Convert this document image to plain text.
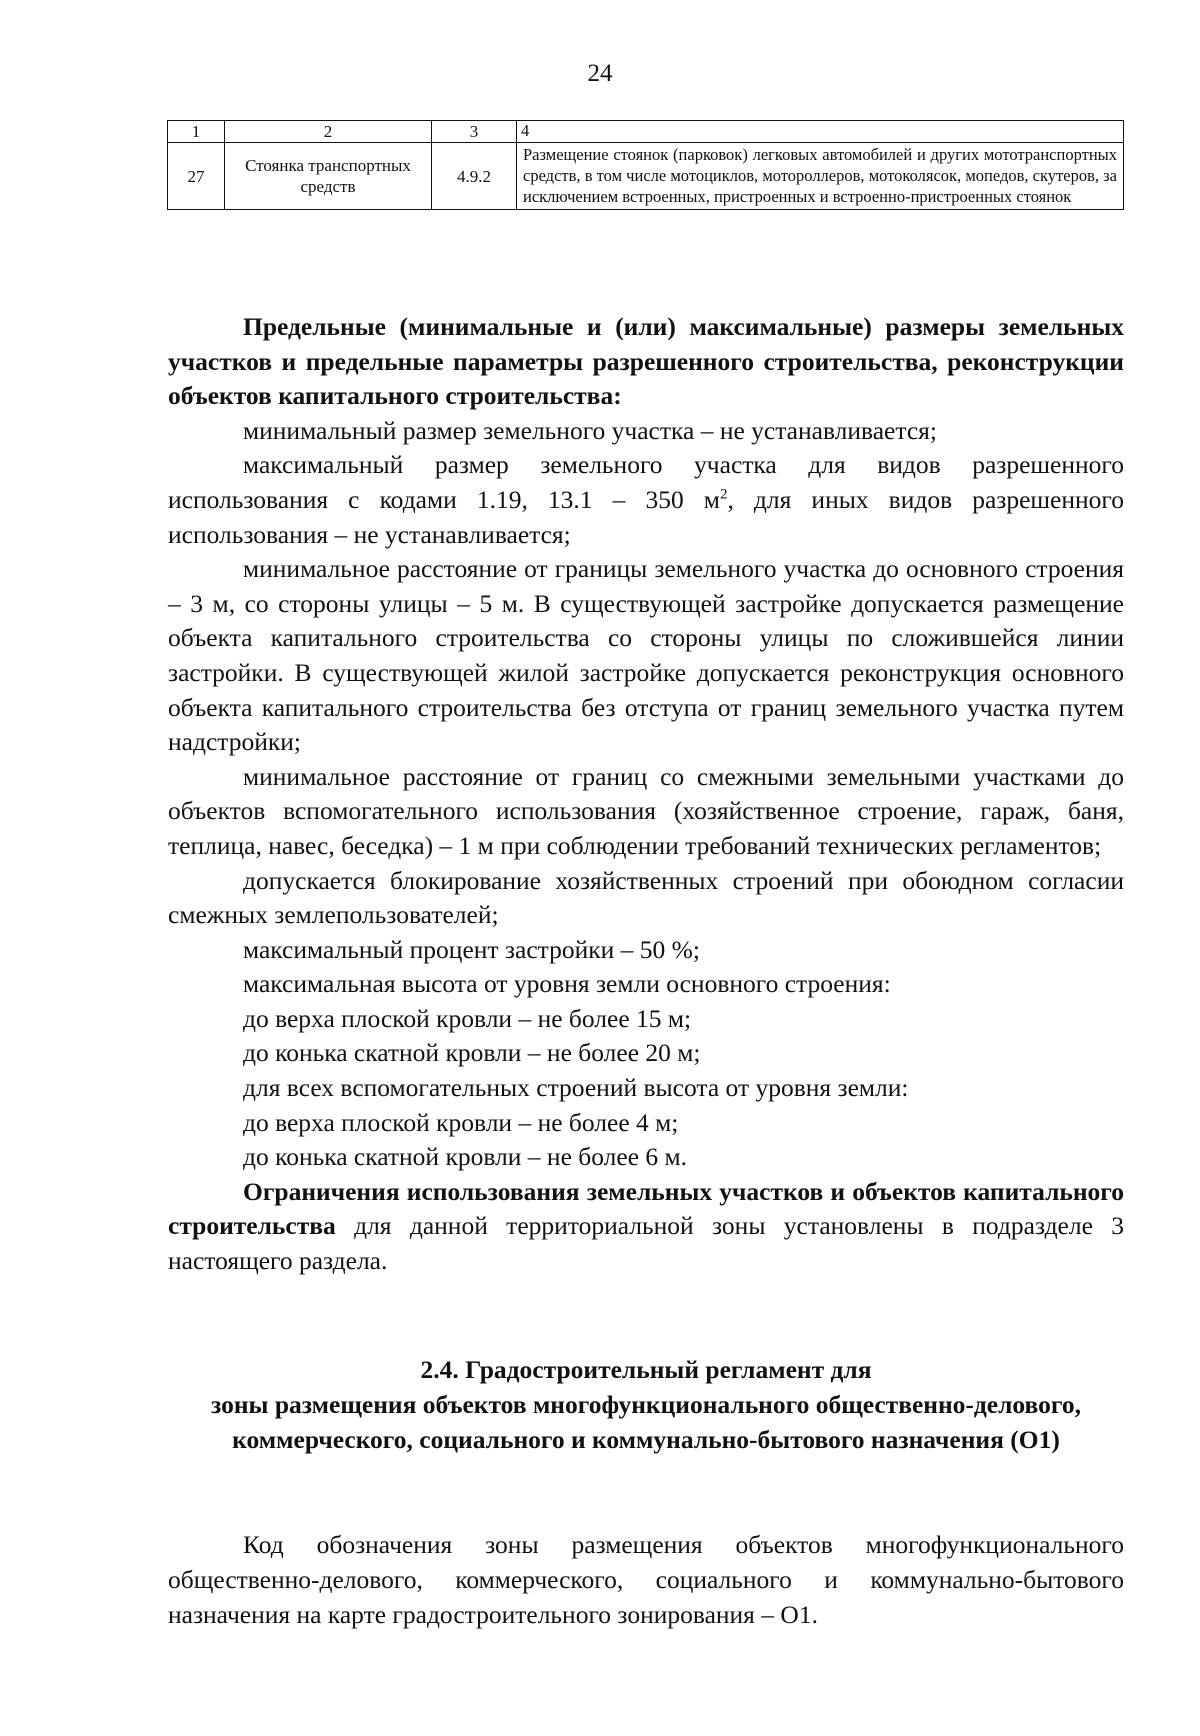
24
1	2	3	4
27	Стоянка транспортных средств	4.9.2	Размещение стоянок (парковок) легковых автомобилей и других мототранспортных средств, в том числе мотоциклов, мотороллеров, мотоколясок, мопедов, скутеров, за исключением встроенных, пристроенных и встроенно-пристроенных стоянок

Предельные (минимальные и (или) максимальные) размеры земельных участков и предельные параметры разрешенного строительства, реконструкции объектов капитального строительства:

минимальный размер земельного участка – не устанавливается;

максимальный размер земельного участка для видов разрешенного использования с кодами 1.19, 13.1 – 350 $м^2$, для иных видов разрешенного использования – не устанавливается;

минимальное расстояние от границы земельного участка до основного строения – 3 м, со стороны улицы – 5 м. В существующей застройке допускается размещение объекта капитального строительства со стороны улицы по сложившейся линии застройки. В существующей жилой застройке допускается реконструкция основного объекта капитального строительства без отступа от границ земельного участка путем надстройки;

минимальное расстояние от границ со смежными земельными участками до объектов вспомогательного использования (хозяйственное строение, гараж, баня, теплица, навес, беседка) – 1 м при соблюдении требований технических регламентов;

допускается блокирование хозяйственных строений при обоюдном согласии смежных землепользователей;

максимальный процент застройки – 50 %;

максимальная высота от уровня земли основного строения:

до верха плоской кровли – не более 15 м;

до конька скатной кровли – не более 20 м;

для всех вспомогательных строений высота от уровня земли:

до верха плоской кровли – не более 4 м;

до конька скатной кровли – не более 6 м.

Ограничения использования земельных участков и объектов капитального строительства для данной территориальной зоны установлены в подразделе 3 настоящего раздела.

2.4. Градостроительный регламент для

зоны размещения объектов многофункционального общественно-делового, коммерческого, социального и коммунально-бытового назначения (О1)

Код обозначения зоны размещения объектов многофункционального общественно-делового, коммерческого, социального и коммунально-бытового назначения на карте градостроительного зонирования – О1.
